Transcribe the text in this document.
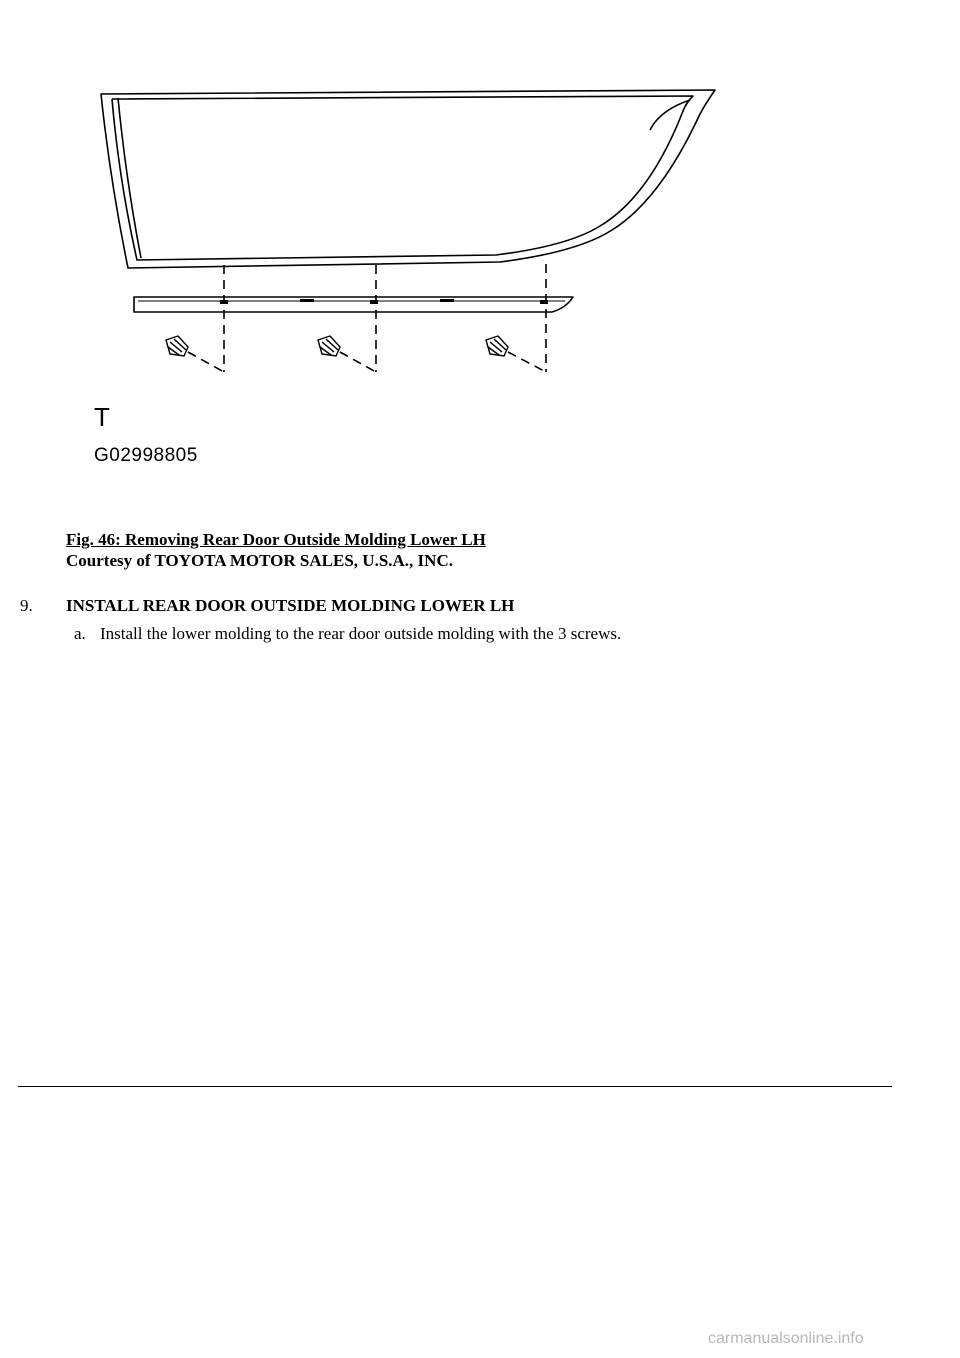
T
G02998805
Fig. 46: Removing Rear Door Outside Molding Lower LH
Courtesy of TOYOTA MOTOR SALES, U.S.A., INC.
9. INSTALL REAR DOOR OUTSIDE MOLDING LOWER LH
a. Install the lower molding to the rear door outside molding with the 3 screws.
carmanualsonline.info
